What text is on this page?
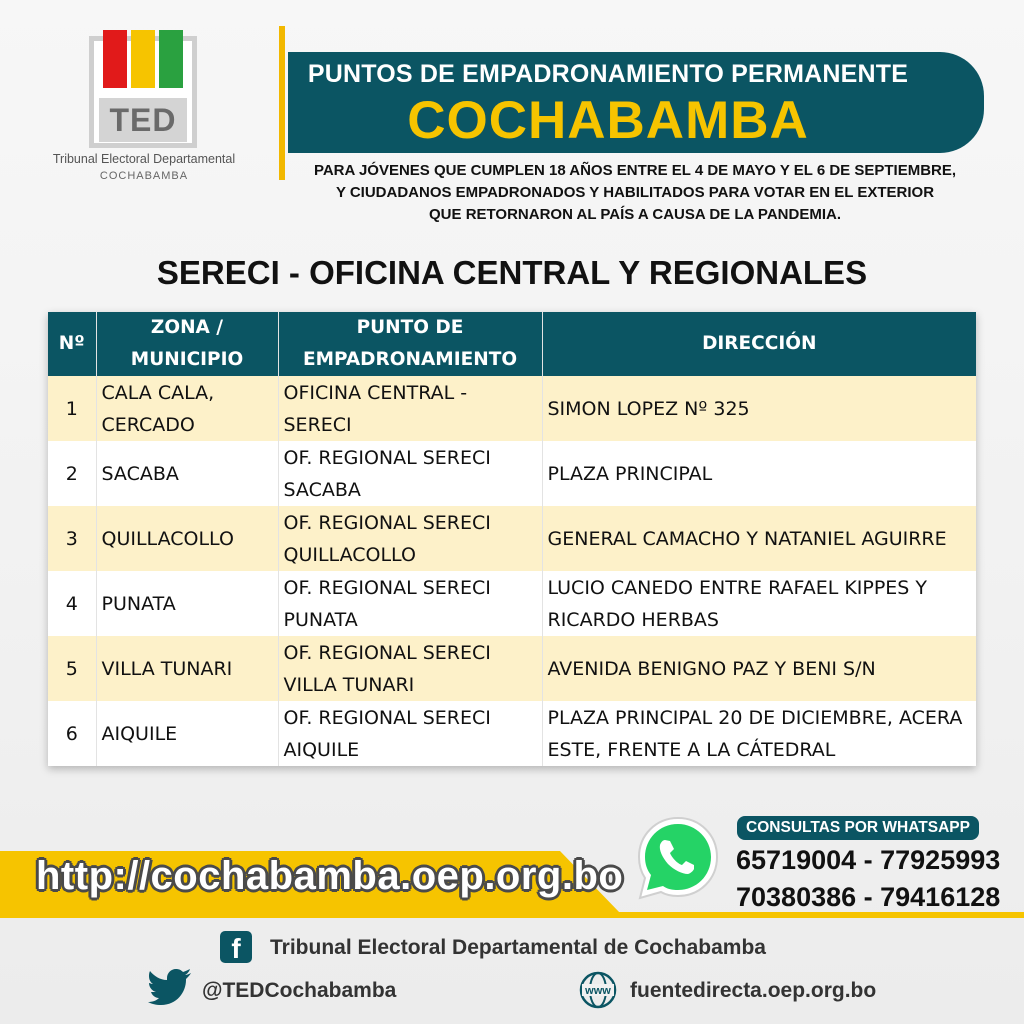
TED
Tribunal Electoral Departamental
COCHABAMBA
PUNTOS DE EMPADRONAMIENTO PERMANENTE
COCHABAMBA
PARA JÓVENES QUE CUMPLEN 18 AÑOS ENTRE EL 4 DE MAYO Y EL 6 DE SEPTIEMBRE,
Y CIUDADANOS EMPADRONADOS Y HABILITADOS PARA VOTAR EN EL EXTERIOR
QUE RETORNARON AL PAÍS A CAUSA DE LA PANDEMIA.
SERECI - OFICINA CENTRAL Y REGIONALES
Nº	ZONA / MUNICIPIO	PUNTO DE EMPADRONAMIENTO	DIRECCIÓN
1	CALA CALA, CERCADO	OFICINA CENTRAL - SERECI	SIMON LOPEZ Nº 325
2	SACABA	OF. REGIONAL SERECI SACABA	PLAZA PRINCIPAL
3	QUILLACOLLO	OF. REGIONAL SERECI QUILLACOLLO	GENERAL CAMACHO Y NATANIEL AGUIRRE
4	PUNATA	OF. REGIONAL SERECI PUNATA	LUCIO CANEDO ENTRE RAFAEL KIPPES Y RICARDO HERBAS
5	VILLA TUNARI	OF. REGIONAL SERECI VILLA TUNARI	AVENIDA BENIGNO PAZ Y BENI S/N
6	AIQUILE	OF. REGIONAL SERECI AIQUILE	PLAZA PRINCIPAL 20 DE DICIEMBRE, ACERA ESTE, FRENTE A LA CÁTEDRAL
http://cochabamba.oep.org.bo
CONSULTAS POR WHATSAPP
65719004 - 77925993
70380386 - 79416128
f	Tribunal Electoral Departamental de Cochabamba
@TEDCochabamba	www fuentedirecta.oep.org.bo
